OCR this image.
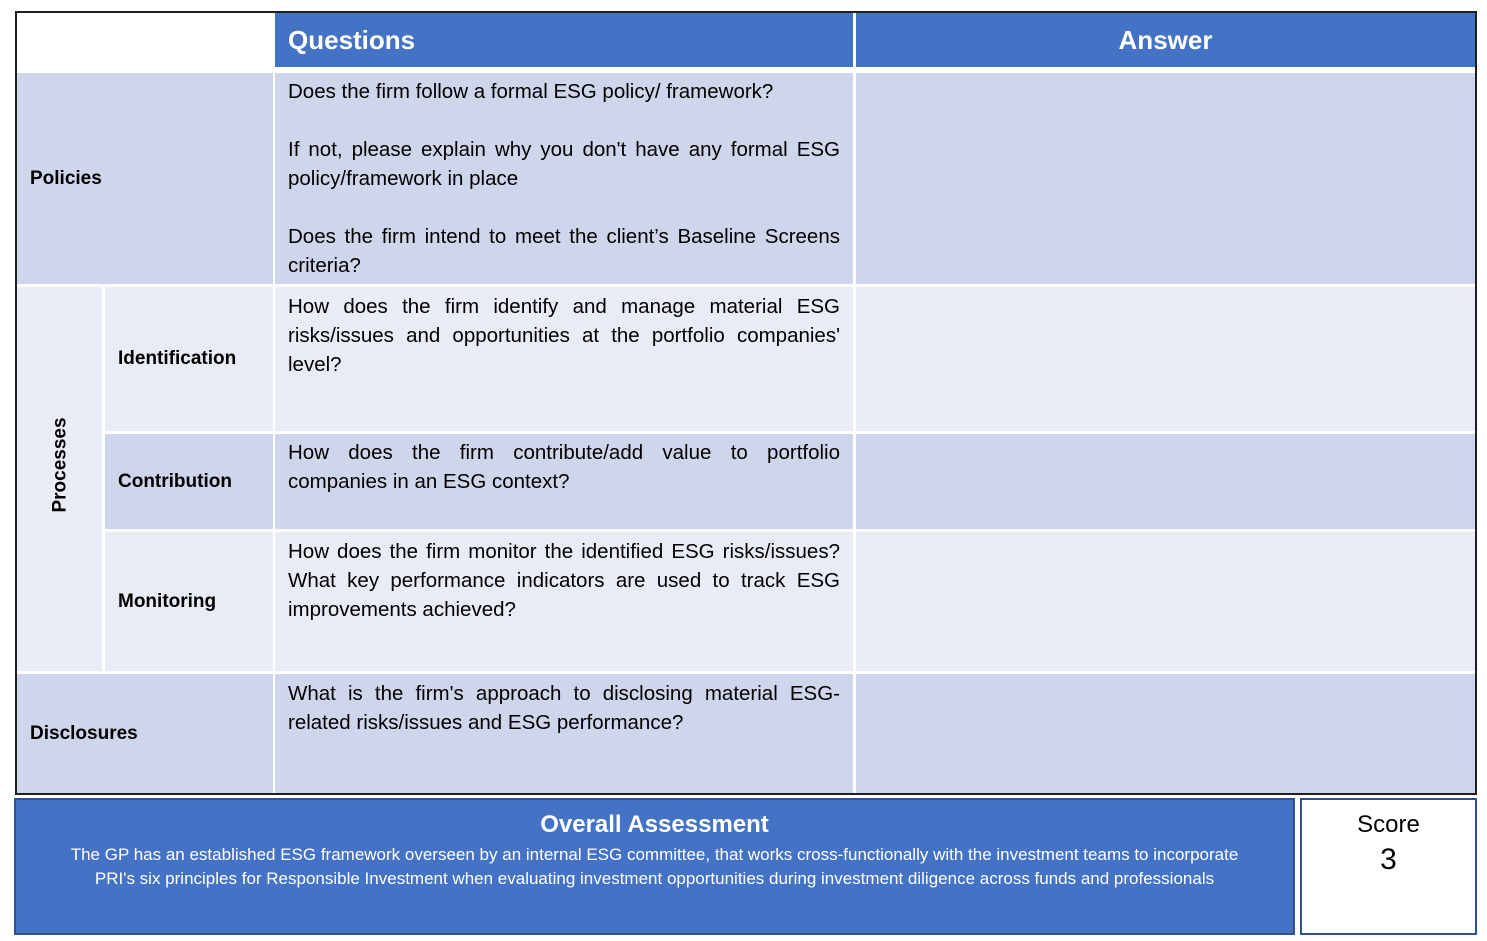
Questions	Answer
Policies

Does the firm follow a formal ESG policy/ framework?

If not, please explain why you don't have any formal ESG policy/framework in place

Does the firm intend to meet the client’s Baseline Screens criteria?

Processes
Identification

How does the firm identify and manage material ESG risks/issues and opportunities at the portfolio companies' level?

Contribution

How does the firm contribute/add value to portfolio companies in an ESG context?

Monitoring

How does the firm monitor the identified ESG risks/issues? What key performance indicators are used to track ESG improvements achieved?

Disclosures

What is the firm's approach to disclosing material ESG-related risks/issues and ESG performance?

Overall Assessment
The GP has an established ESG framework overseen by an internal ESG committee, that works cross-functionally with the investment teams to incorporate PRI's six principles for Responsible Investment when evaluating investment opportunities during investment diligence across funds and professionals
Score
3
